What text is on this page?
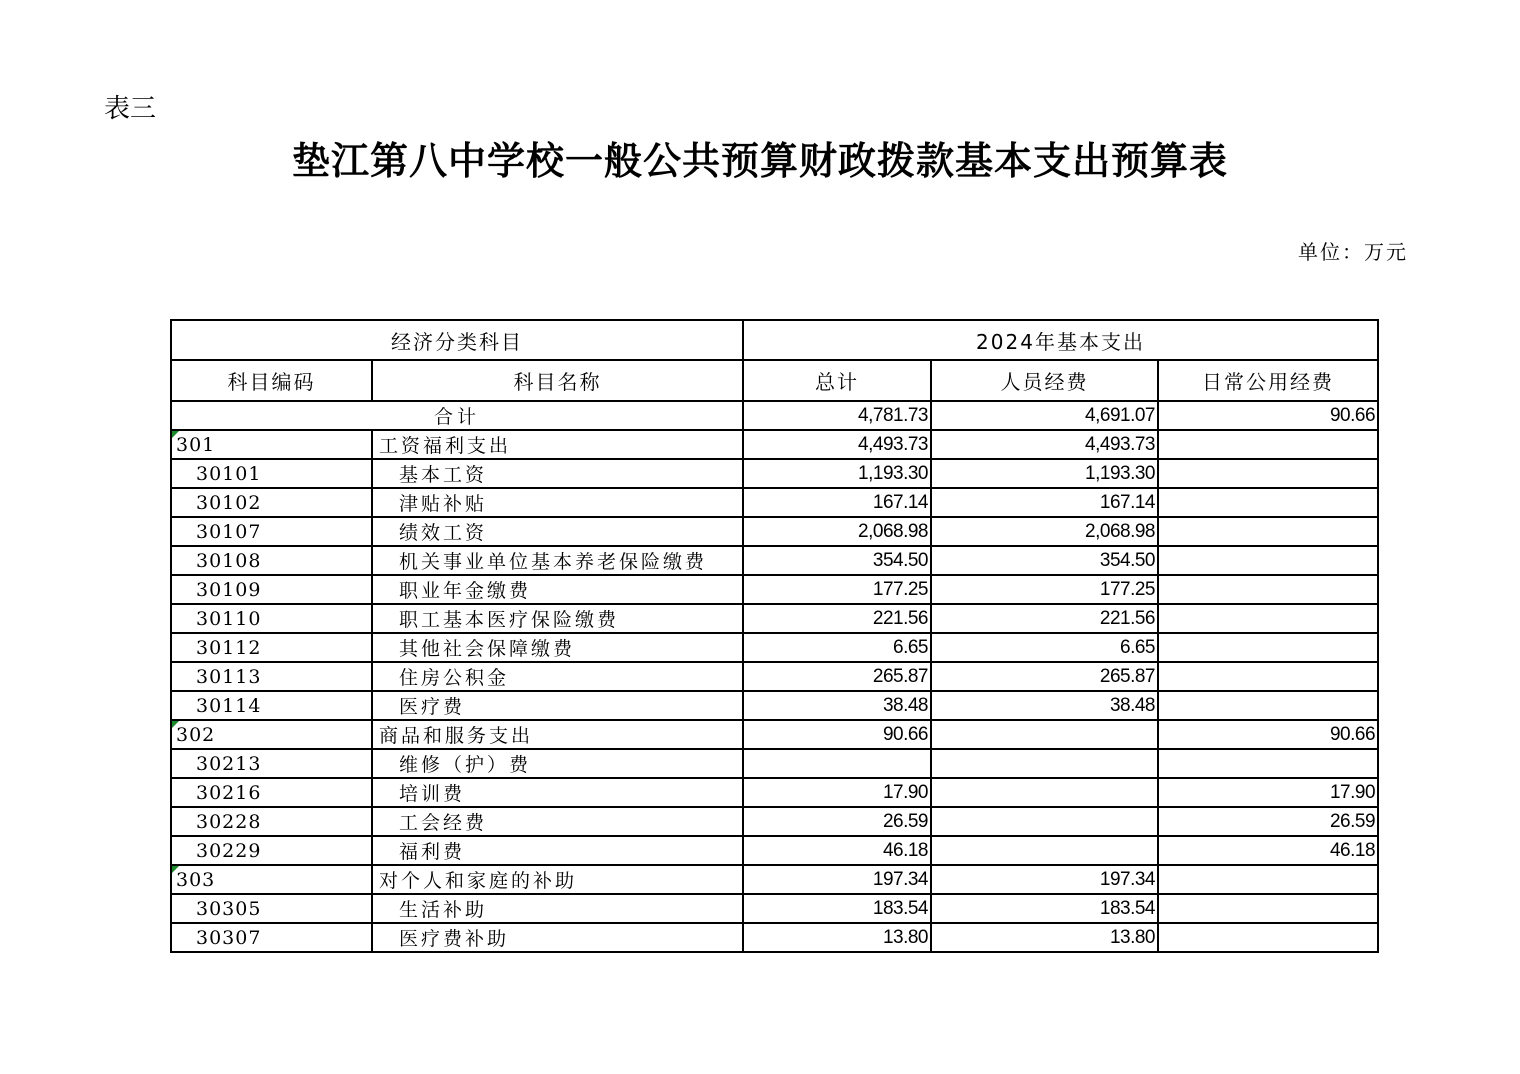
表三
垫江第八中学校一般公共预算财政拨款基本支出预算表
单位：万元
经济分类科目		2024年基本支出		
科目编码	科目名称	总计	人员经费	日常公用经费
合计		4,781.73	4,691.07	90.66

301	工资福利支出	4,493.73	4,493.73	
30101	基本工资	1,193.30	1,193.30	
30102	津贴补贴	167.14	167.14	
30107	绩效工资	2,068.98	2,068.98	
30108	机关事业单位基本养老保险缴费	354.50	354.50	
30109	职业年金缴费	177.25	177.25	
30110	职工基本医疗保险缴费	221.56	221.56	
30112	其他社会保障缴费	6.65	6.65	
30113	住房公积金	265.87	265.87	
30114	医疗费	38.48	38.48	

302	商品和服务支出	90.66		90.66
30213	维修（护）费			
30216	培训费	17.90		17.90
30228	工会经费	26.59		26.59
30229	福利费	46.18		46.18

303	对个人和家庭的补助	197.34	197.34	
30305	生活补助	183.54	183.54	
30307	医疗费补助	13.80	13.80	
